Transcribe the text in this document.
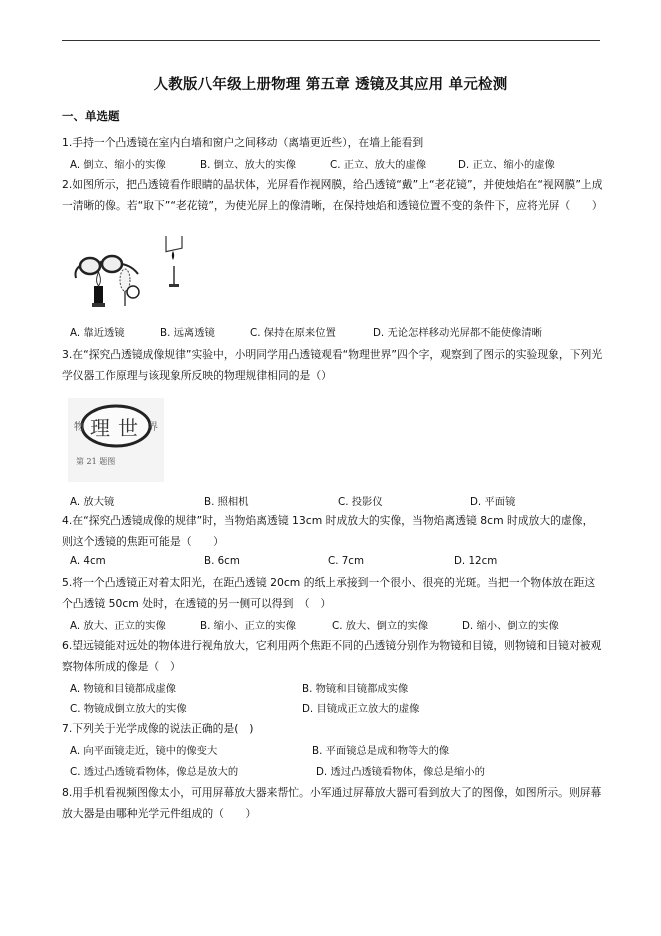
人教版八年级上册物理 第五章 透镜及其应用 单元检测
一、单选题
1.手持一个凸透镜在室内白墙和窗户之间移动（离墙更近些），在墙上能看到
A. 倒立、缩小的实像	B. 倒立、放大的实像	C. 正立、放大的虚像	D. 正立、缩小的虚像
2.如图所示，把凸透镜看作眼睛的晶状体，光屏看作视网膜，给凸透镜“戴”上“老花镜”，并使烛焰在“视网膜”上成一清晰的像。若“取下”“老花镜”，为使光屏上的像清晰，在保持烛焰和透镜位置不变的条件下，应将光屏（　　）
A. 靠近透镜	B. 远离透镜	C. 保持在原来位置	D. 无论怎样移动光屏都不能使像清晰
3.在“探究凸透镜成像规律”实验中，小明同学用凸透镜观看“物理世界”四个字，观察到了图示的实验现象，下列光学仪器工作原理与该现象所反映的物理规律相同的是（）
物 理 世 界
第 21 题图
A. 放大镜	B. 照相机	C. 投影仪	D. 平面镜
4.在“探究凸透镜成像的规律”时，当物焰离透镜 13cm 时成放大的实像，当物焰离透镜 8cm 时成放大的虚像，则这个透镜的焦距可能是（　　）
A. 4cm	B. 6cm	C. 7cm	D. 12cm
5.将一个凸透镜正对着太阳光，在距凸透镜 20cm 的纸上承接到一个很小、很亮的光斑。当把一个物体放在距这个凸透镜 50cm 处时，在透镜的另一侧可以得到　（　）
A. 放大、正立的实像	B. 缩小、正立的实像	C. 放大、倒立的实像	D. 缩小、倒立的实像
6.望远镜能对远处的物体进行视角放大，它利用两个焦距不同的凸透镜分别作为物镜和目镜，则物镜和目镜对被观察物体所成的像是（　）
A. 物镜和目镜都成虚像	B. 物镜和目镜都成实像
C. 物镜成倒立放大的实像	D. 目镜成正立放大的虚像
7.下列关于光学成像的说法正确的是(　)
A. 向平面镜走近，镜中的像变大	B. 平面镜总是成和物等大的像
C. 透过凸透镜看物体，像总是放大的	D. 透过凸透镜看物体，像总是缩小的
8.用手机看视频图像太小，可用屏幕放大器来帮忙。小军通过屏幕放大器可看到放大了的图像，如图所示。则屏幕放大器是由哪种光学元件组成的（　　）
